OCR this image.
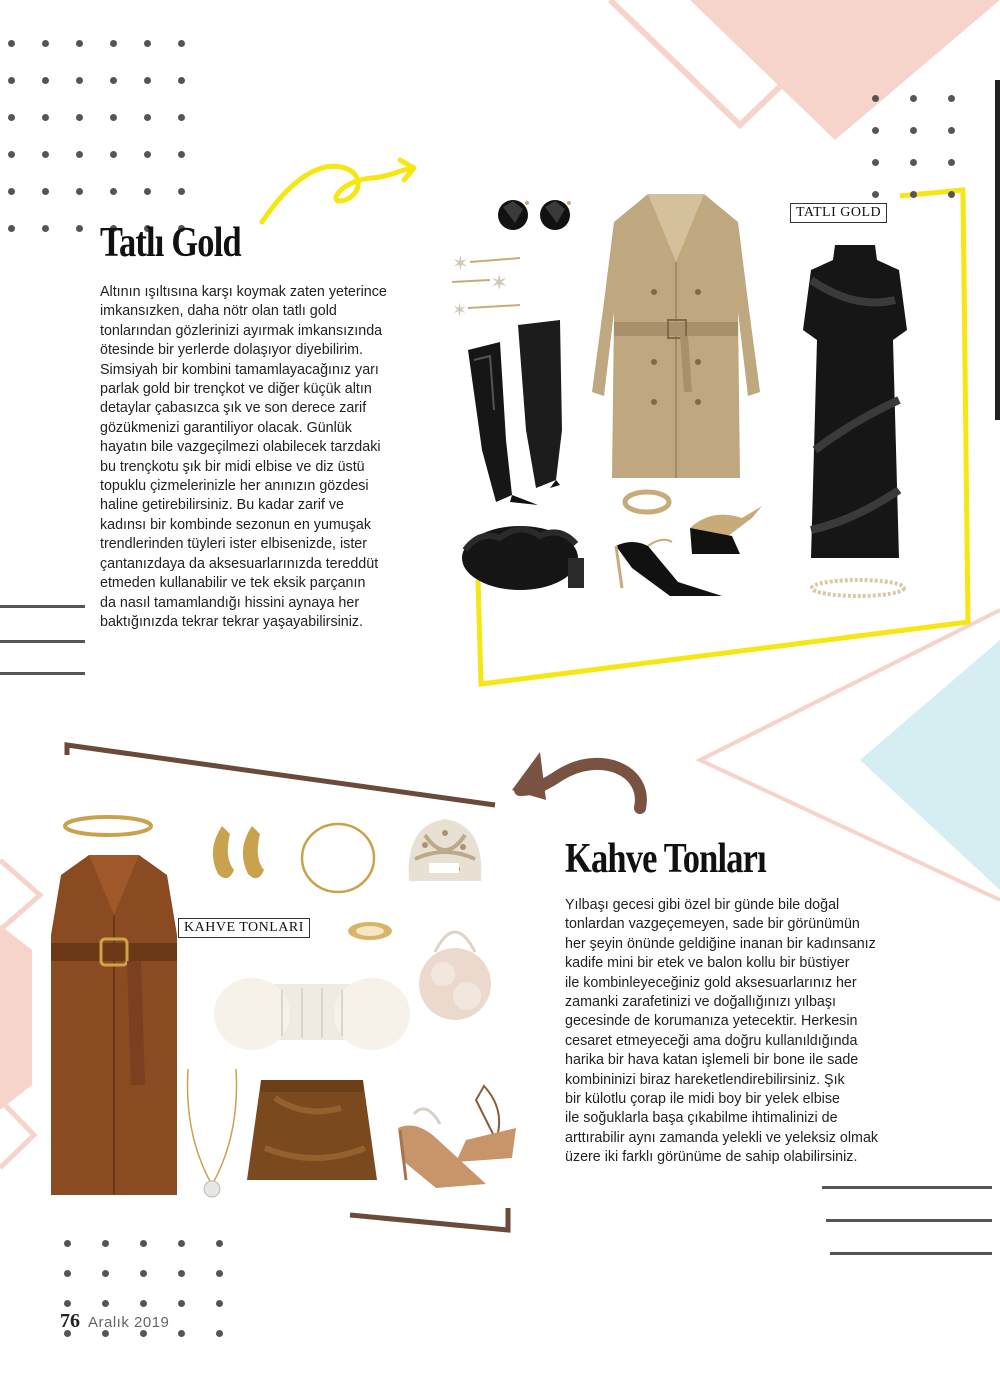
Tatlı Gold

Altının ışıltısına karşı koymak zaten yeterince

imkansızken, daha nötr olan tatlı gold

tonlarından gözlerinizi ayırmak imkansızında

ötesinde bir yerlerde dolaşıyor diyebilirim.

Simsiyah bir kombini tamamlayacağınız yarı

parlak gold bir trençkot ve diğer küçük altın

detaylar çabasızca şık ve son derece zarif

gözükmenizi garantiliyor olacak. Günlük

hayatın bile vazgeçilmezi olabilecek tarzdaki

bu trençkotu şık bir midi elbise ve diz üstü

topuklu çizmelerinizle her anınızın gözdesi

haline getirebilirsiniz. Bu kadar zarif ve

kadınsı bir kombinde sezonun en yumuşak

trendlerinden tüyleri ister elbisenizde, ister

çantanızdaya da aksesuarlarınızda tereddüt

etmeden kullanabilir ve tek eksik parçanın

da nasıl tamamlandığı hissini aynaya her

baktığınızda tekrar tekrar yaşayabilirsiniz.

✶
✶
✶
TATLI GOLD
KAHVE TONLARI
Kahve Tonları

Yılbaşı gecesi gibi özel bir günde bile doğal

tonlardan vazgeçemeyen, sade bir görünümün

her şeyin önünde geldiğine inanan bir kadınsanız

kadife mini bir etek ve balon kollu bir büstiyer

ile kombinleyeceğiniz gold aksesuarlarınız her

zamanki zarafetinizi ve doğallığınızı yılbaşı

gecesinde de korumanıza yetecektir. Herkesin

cesaret etmeyeceği ama doğru kullanıldığında

harika bir hava katan işlemeli bir bone ile sade

kombininizi biraz hareketlendirebilirsiniz. Şık

bir külotlu çorap ile midi boy bir yelek elbise

ile soğuklarla başa çıkabilme ihtimalinizi de

arttırabilir aynı zamanda yelekli ve yeleksiz olmak

üzere iki farklı görünüme de sahip olabilirsiniz.

76 Aralık 2019
